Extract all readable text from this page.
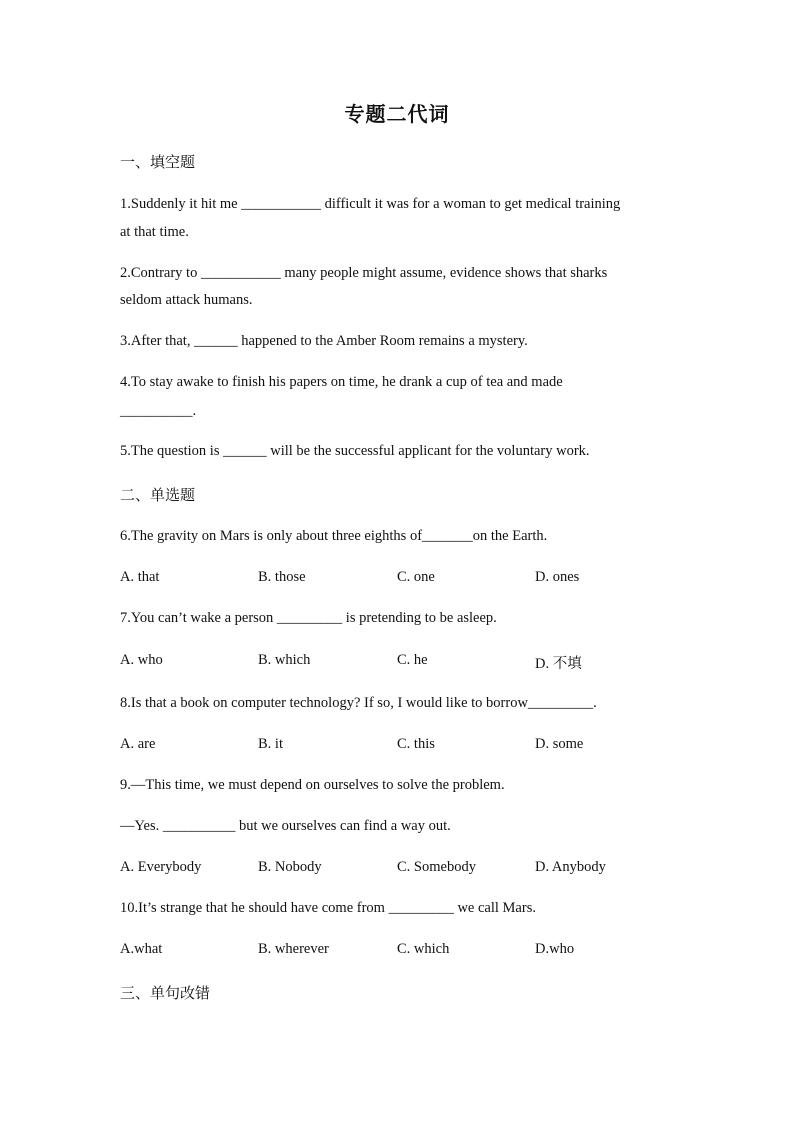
专题二代词
一、填空题
1.Suddenly it hit me ___________ difficult it was for a woman to get medical training
at that time.
2.Contrary to ___________ many people might assume, evidence shows that sharks
seldom attack humans.
3.After that, ______ happened to the Amber Room remains a mystery.
4.To stay awake to finish his papers on time, he drank a cup of tea and made
__________.
5.The question is ______ will be the successful applicant for the voluntary work.
二、单选题
6.The gravity on Mars is only about three eighths of_______on the Earth.
A. that	B. those	C. one	D. ones
7.You can’t wake a person _________ is pretending to be asleep.
A. who	B. which	C. he	D. 不填
8.Is that a book on computer technology? If so, I would like to borrow_________.
A. are	B. it	C. this	D. some
9.—This time, we must depend on ourselves to solve the problem.
—Yes. __________ but we ourselves can find a way out.
A. Everybody	B. Nobody	C. Somebody	D. Anybody
10.It’s strange that he should have come from _________ we call Mars.
A.what	B. wherever	C. which	D.who
三、单句改错
